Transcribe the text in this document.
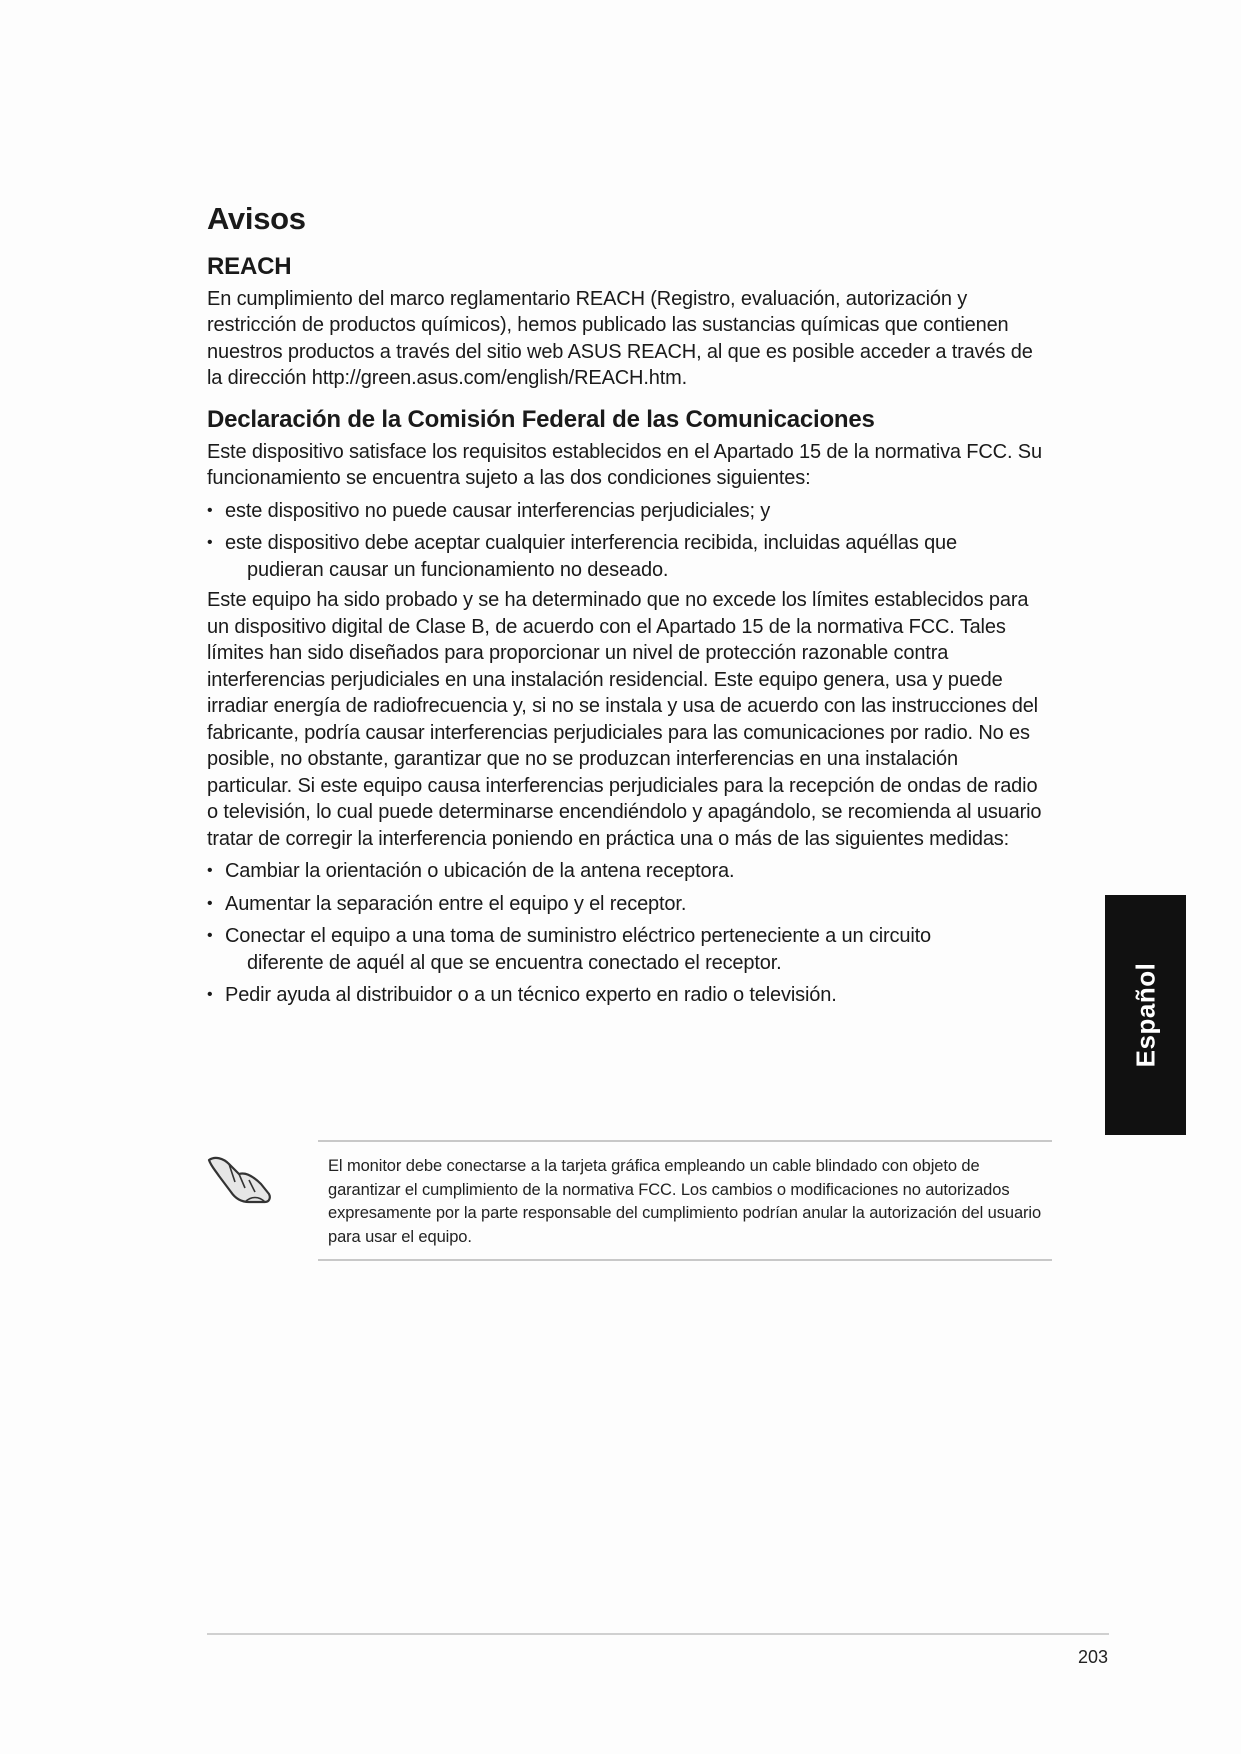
Avisos
REACH

En cumplimiento del marco reglamentario REACH (Registro, evaluación, autorización y restricción de productos químicos), hemos publicado las sustancias químicas que contienen nuestros productos a través del sitio web ASUS REACH, al que es posible acceder a través de la dirección http://green.asus.com/english/REACH.htm.

Declaración de la Comisión Federal de las Comunicaciones

Este dispositivo satisface los requisitos establecidos en el Apartado 15 de la normativa FCC. Su funcionamiento se encuentra sujeto a las dos condiciones siguientes:

• este dispositivo no puede causar interferencias perjudiciales; y
• este dispositivo debe aceptar cualquier interferencia recibida, incluidas aquéllas que
pudieran causar un funcionamiento no deseado.

Este equipo ha sido probado y se ha determinado que no excede los límites establecidos para un dispositivo digital de Clase B, de acuerdo con el Apartado 15 de la normativa FCC. Tales límites han sido diseñados para proporcionar un nivel de protección razonable contra interferencias perjudiciales en una instalación residencial. Este equipo genera, usa y puede irradiar energía de radiofrecuencia y, si no se instala y usa de acuerdo con las instrucciones del fabricante, podría causar interferencias perjudiciales para las comunicaciones por radio. No es posible, no obstante, garantizar que no se produzcan interferencias en una instalación particular. Si este equipo causa interferencias perjudiciales para la recepción de ondas de radio o televisión, lo cual puede determinarse encendiéndolo y apagándolo, se recomienda al usuario tratar de corregir la interferencia poniendo en práctica una o más de las siguientes medidas:

• Cambiar la orientación o ubicación de la antena receptora.
• Aumentar la separación entre el equipo y el receptor.
• Conectar el equipo a una toma de suministro eléctrico perteneciente a un circuito
diferente de aquél al que se encuentra conectado el receptor.
• Pedir ayuda al distribuidor o a un técnico experto en radio o televisión.

El monitor debe conectarse a la tarjeta gráfica empleando un cable blindado con objeto de garantizar el cumplimiento de la normativa FCC. Los cambios o modificaciones no autorizados expresamente por la parte responsable del cumplimiento podrían anular la autorización del usuario para usar el equipo.

Español
203
